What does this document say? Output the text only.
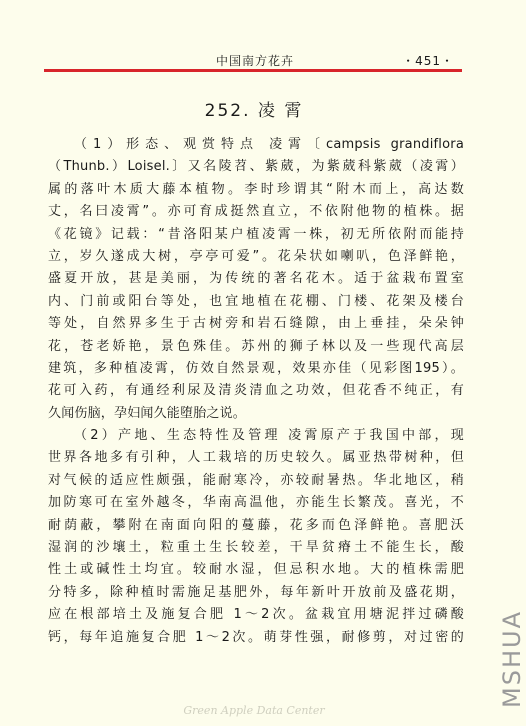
中国南方花卉	・451・
252. 凌 霄
（1）形态、观赏特点 凌霄〔campsis grandiflora
（Thunb.）Loisel.〕又名陵苕、紫葳，为紫葳科紫葳（凌霄）
属的落叶木质大藤本植物。李时珍谓其“附木而上，高达数
丈，名曰凌霄”。亦可育成挺然直立，不依附他物的植株。据
《花镜》记载：“昔洛阳某户植凌霄一株，初无所依附而能持
立，岁久遂成大树，亭亭可爱”。花朵状如喇叭，色泽鲜艳，
盛夏开放，甚是美丽，为传统的著名花木。适于盆栽布置室
内、门前或阳台等处，也宜地植在花棚、门楼、花架及楼台
等处，自然界多生于古树旁和岩石缝隙，由上垂挂，朵朵钟
花，苍老娇艳，景色殊佳。苏州的狮子林以及一些现代高层
建筑，多种植凌霄，仿效自然景观，效果亦佳（见彩图195）。
花可入药，有通经利尿及清炎清血之功效，但花香不纯正，有
久闻伤脑，孕妇闻久能堕胎之说。
（2）产地、生态特性及管理 凌霄原产于我国中部，现
世界各地多有引种，人工栽培的历史较久。属亚热带树种，但
对气候的适应性颇强，能耐寒冷，亦较耐暑热。华北地区，稍
加防寒可在室外越冬，华南高温他，亦能生长繁茂。喜光，不
耐荫蔽，攀附在南面向阳的蔓藤，花多而色泽鲜艳。喜肥沃
湿润的沙壤土，粒重土生长较差，干旱贫瘠土不能生长，酸
性土或碱性土均宜。较耐水湿，但忌积水地。大的植株需肥
分特多，除种植时需施足基肥外，每年新叶开放前及盛花期，
应在根部培土及施复合肥 1～2次。盆栽宜用塘泥拌过磷酸
钙，每年追施复合肥 1～2次。萌芽性强，耐修剪，对过密的 MSHUA
Green Apple Data Center
